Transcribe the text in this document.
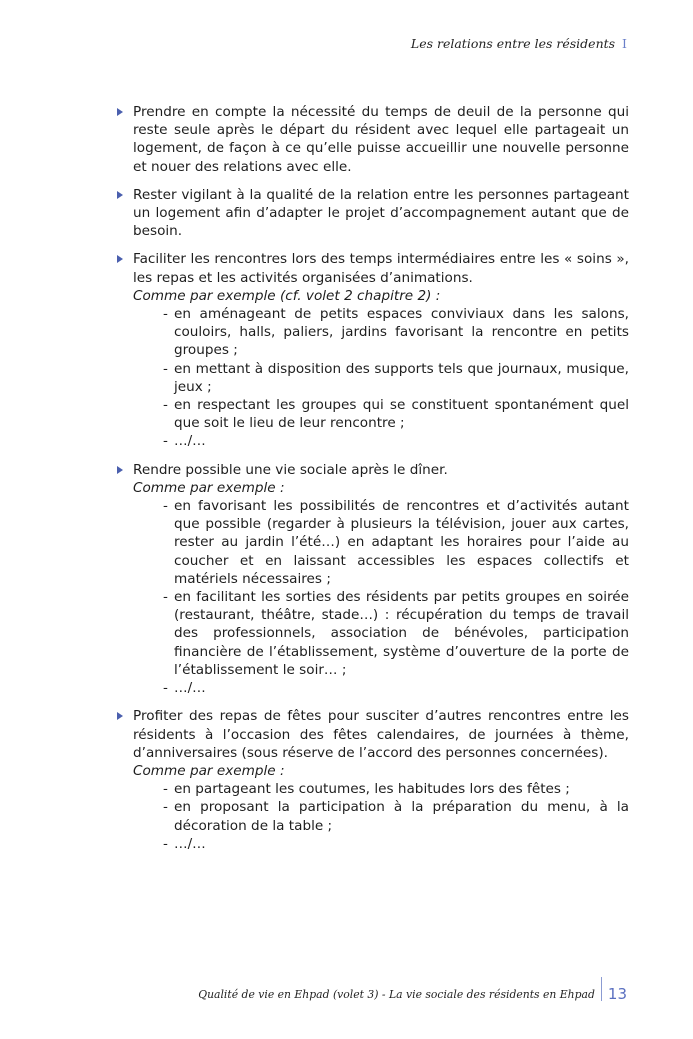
Les relations entre les résidents I
Prendre en compte la nécessité du temps de deuil de la personne qui reste seule après le départ du résident avec lequel elle partageait un logement, de façon à ce qu’elle puisse accueillir une nouvelle personne et nouer des relations avec elle.
Rester vigilant à la qualité de la relation entre les personnes partageant un logement afin d’adapter le projet d’accompagnement autant que de besoin.
Faciliter les rencontres lors des temps intermédiaires entre les « soins », les repas et les activités organisées d’animations.
Comme par exemple (cf. volet 2 chapitre 2) :
- en aménageant de petits espaces conviviaux dans les salons, couloirs, halls, paliers, jardins favorisant la rencontre en petits groupes ;
- en mettant à disposition des supports tels que journaux, musique, jeux ;
- en respectant les groupes qui se constituent spontanément quel que soit le lieu de leur rencontre ;
- …/…
Rendre possible une vie sociale après le dîner.
Comme par exemple :
- en favorisant les possibilités de rencontres et d’activités autant que possible (regarder à plusieurs la télévision, jouer aux cartes, rester au jardin l’été…) en adaptant les horaires pour l’aide au coucher et en laissant accessibles les espaces collectifs et matériels nécessaires ;
- en facilitant les sorties des résidents par petits groupes en soirée (restaurant, théâtre, stade…) : récupération du temps de travail des professionnels, association de bénévoles, participation financière de l’établissement, système d’ouverture de la porte de l’établissement le soir… ;
- …/…
Profiter des repas de fêtes pour susciter d’autres rencontres entre les résidents à l’occasion des fêtes calendaires, de journées à thème, d’anniversaires (sous réserve de l’accord des personnes concernées).
Comme par exemple :
- en partageant les coutumes, les habitudes lors des fêtes ;
- en proposant la participation à la préparation du menu, à la décoration de la table ;
- …/…
Qualité de vie en Ehpad (volet 3) - La vie sociale des résidents en Ehpad 13
